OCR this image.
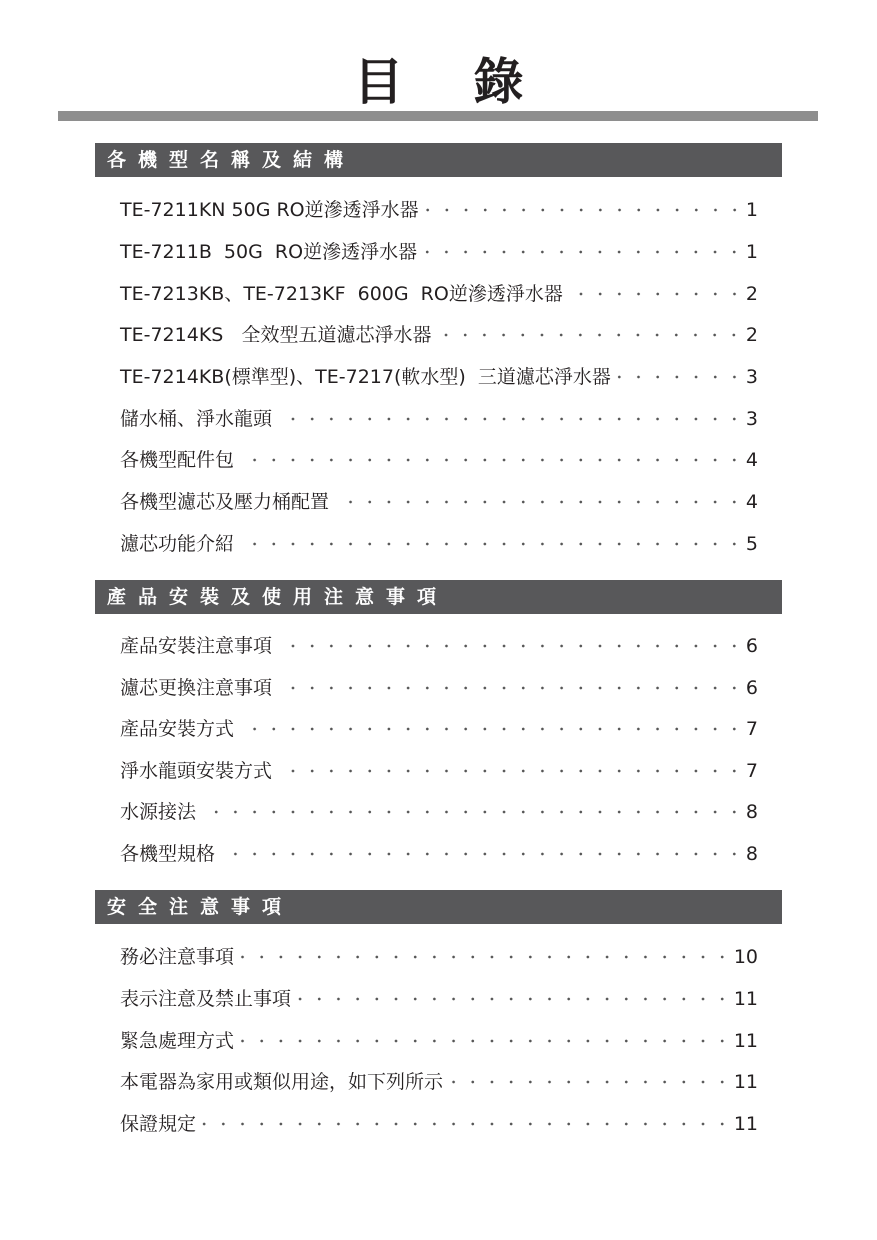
目 錄
各機型名稱及結構
TE-7211KN 50G RO逆滲透淨水器	1
TE-7211B  50G  RO逆滲透淨水器	1
TE-7213KB、TE-7213KF  600G  RO逆滲透淨水器	2
TE-7214KS   全效型五道濾芯淨水器	2
TE-7214KB(標準型)、TE-7217(軟水型)  三道濾芯淨水器	3
儲水桶、淨水龍頭	3
各機型配件包	4
各機型濾芯及壓力桶配置	4
濾芯功能介紹	5
產品安裝及使用注意事項
產品安裝注意事項	6
濾芯更換注意事項	6
產品安裝方式	7
淨水龍頭安裝方式	7
水源接法	8
各機型規格	8
安全注意事項
務必注意事項	10
表示注意及禁止事項	11
緊急處理方式	11
本電器為家用或類似用途，如下列所示	11
保證規定	11
